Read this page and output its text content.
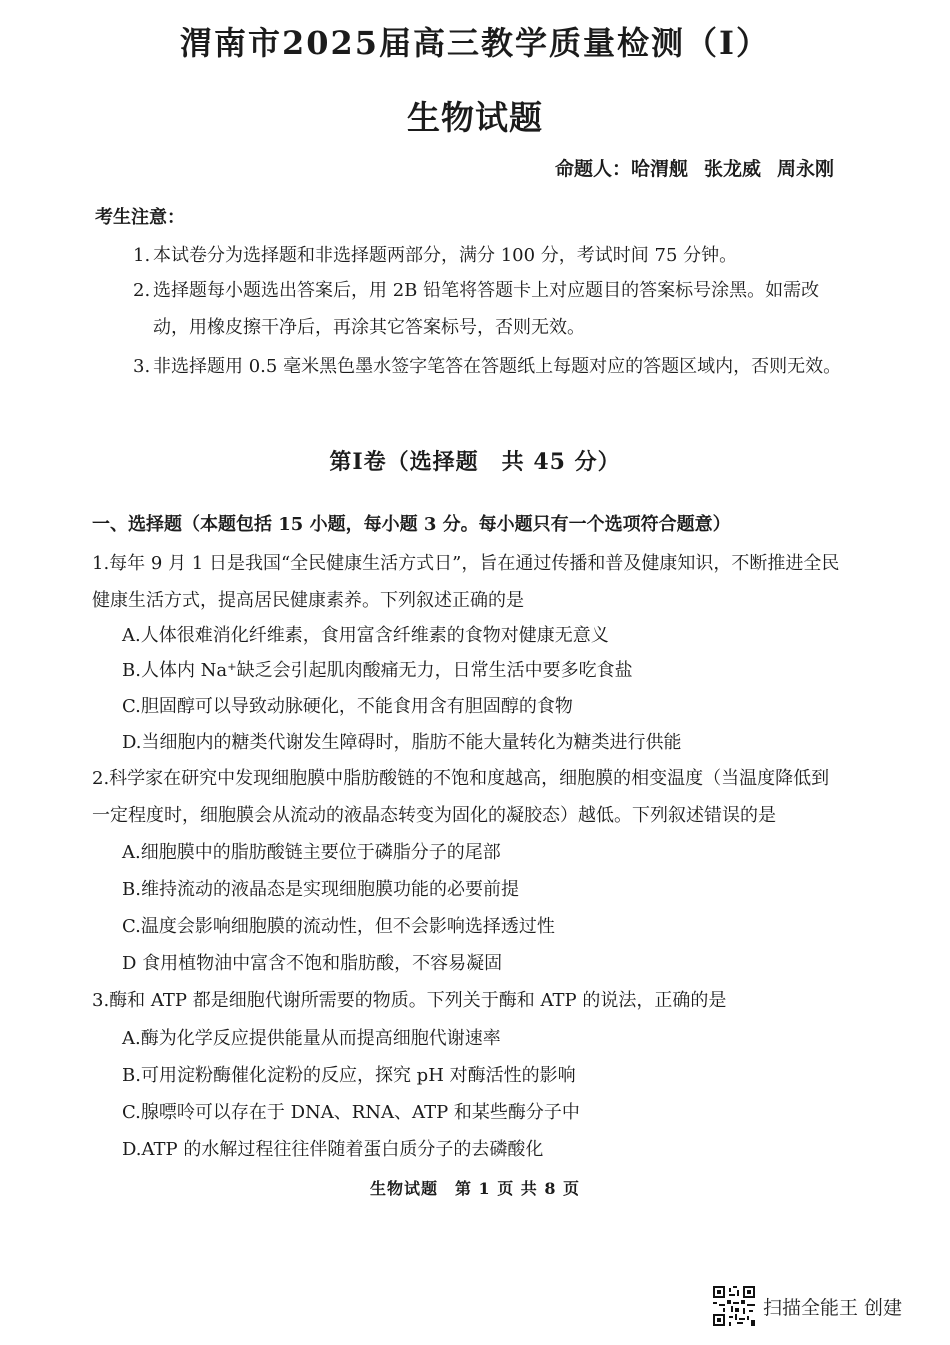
渭南市2025届高三教学质量检测（Ⅰ）
生物试题
命题人：哈渭舰 张龙威 周永刚
考生注意：
1. 本试卷分为选择题和非选择题两部分，满分 100 分，考试时间 75 分钟。
2. 选择题每小题选出答案后，用 2B 铅笔将答题卡上对应题目的答案标号涂黑。如需改动，用橡皮擦干净后，再涂其它答案标号，否则无效。
3. 非选择题用 0.5 毫米黑色墨水签字笔答在答题纸上每题对应的答题区域内，否则无效。
第Ⅰ卷（选择题　共 45 分）
一、选择题（本题包括 15 小题，每小题 3 分。每小题只有一个选项符合题意）
1.每年 9 月 1 日是我国“全民健康生活方式日”，旨在通过传播和普及健康知识，不断推进全民健康生活方式，提高居民健康素养。下列叙述正确的是
A.人体很难消化纤维素，食用富含纤维素的食物对健康无意义
B.人体内 Na⁺缺乏会引起肌肉酸痛无力，日常生活中要多吃食盐
C.胆固醇可以导致动脉硬化，不能食用含有胆固醇的食物
D.当细胞内的糖类代谢发生障碍时，脂肪不能大量转化为糖类进行供能
2.科学家在研究中发现细胞膜中脂肪酸链的不饱和度越高，细胞膜的相变温度（当温度降低到一定程度时，细胞膜会从流动的液晶态转变为固化的凝胶态）越低。下列叙述错误的是
A.细胞膜中的脂肪酸链主要位于磷脂分子的尾部
B.维持流动的液晶态是实现细胞膜功能的必要前提
C.温度会影响细胞膜的流动性，但不会影响选择透过性
D 食用植物油中富含不饱和脂肪酸，不容易凝固
3.酶和 ATP 都是细胞代谢所需要的物质。下列关于酶和 ATP 的说法，正确的是
A.酶为化学反应提供能量从而提高细胞代谢速率
B.可用淀粉酶催化淀粉的反应，探究 pH 对酶活性的影响
C.腺嘌呤可以存在于 DNA、RNA、ATP 和某些酶分子中
D.ATP 的水解过程往往伴随着蛋白质分子的去磷酸化
生物试题　第 1 页 共 8 页
扫描全能王 创建
